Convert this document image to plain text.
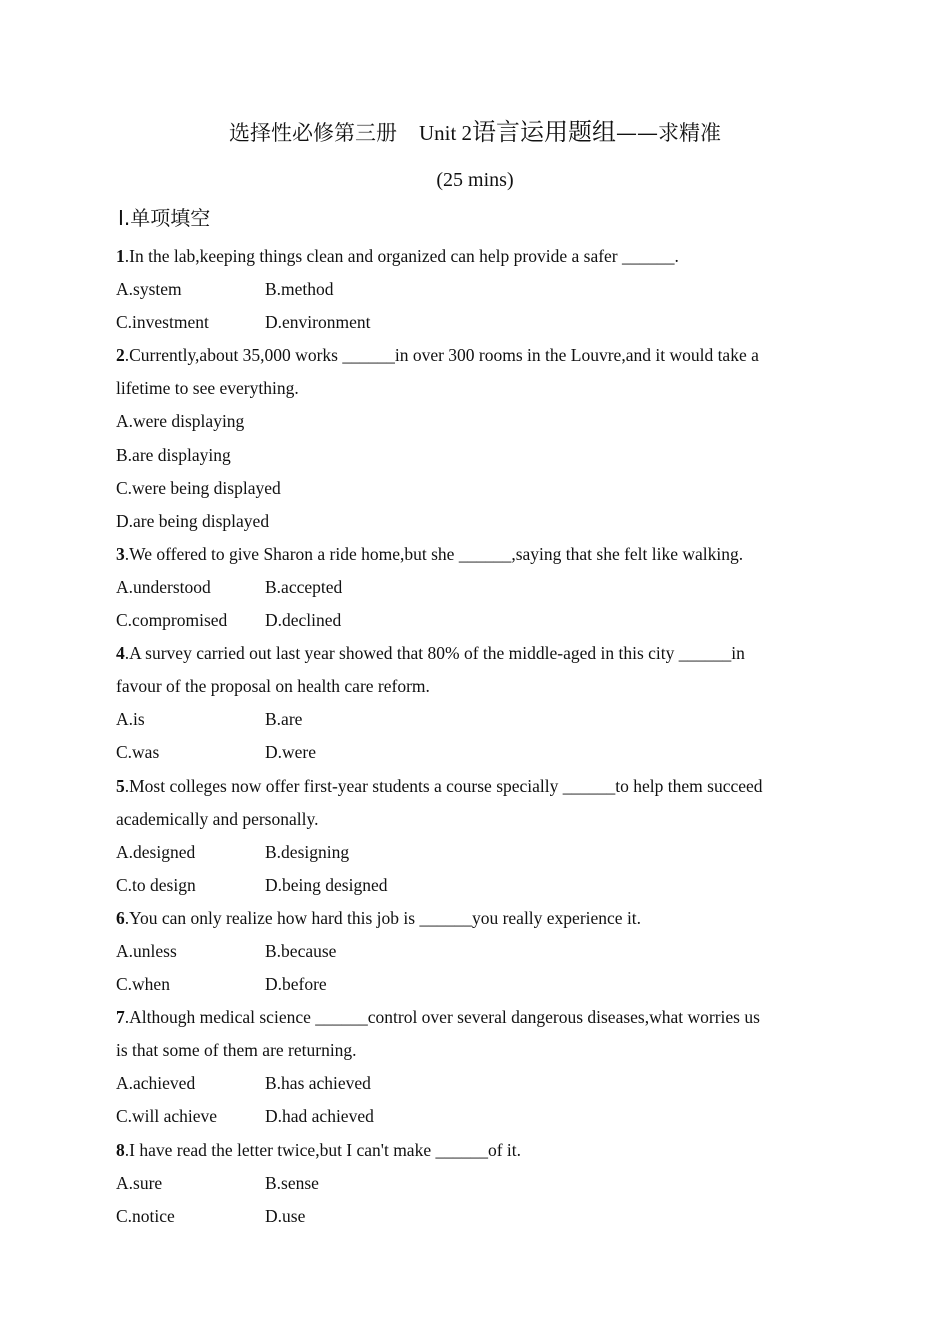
选择性必修第三册 Unit 2语言运用题组——求精准
(25 mins)
Ⅰ.单项填空
1.In the lab,keeping things clean and organized can help provide a safer ______.
A.system	B.method
C.investment	D.environment
2.Currently,about 35,000 works ______in over 300 rooms in the Louvre,and it would take a
lifetime to see everything.
A.were displaying
B.are displaying
C.were being displayed
D.are being displayed
3.We offered to give Sharon a ride home,but she ______,saying that she felt like walking.
A.understood	B.accepted
C.compromised D.declined
4.A survey carried out last year showed that 80% of the middle-aged in this city ______in
favour of the proposal on health care reform.
A.is	B.are
C.was	D.were
5.Most colleges now offer first-year students a course specially ______to help them succeed
academically and personally.
A.designed	B.designing
C.to design	D.being designed
6.You can only realize how hard this job is ______you really experience it.
A.unless	B.because
C.when	D.before
7.Although medical science ______control over several dangerous diseases,what worries us
is that some of them are returning.
A.achieved	B.has achieved
C.will achieve	D.had achieved
8.I have read the letter twice,but I can't make ______of it.
A.sure	B.sense
C.notice	D.use
